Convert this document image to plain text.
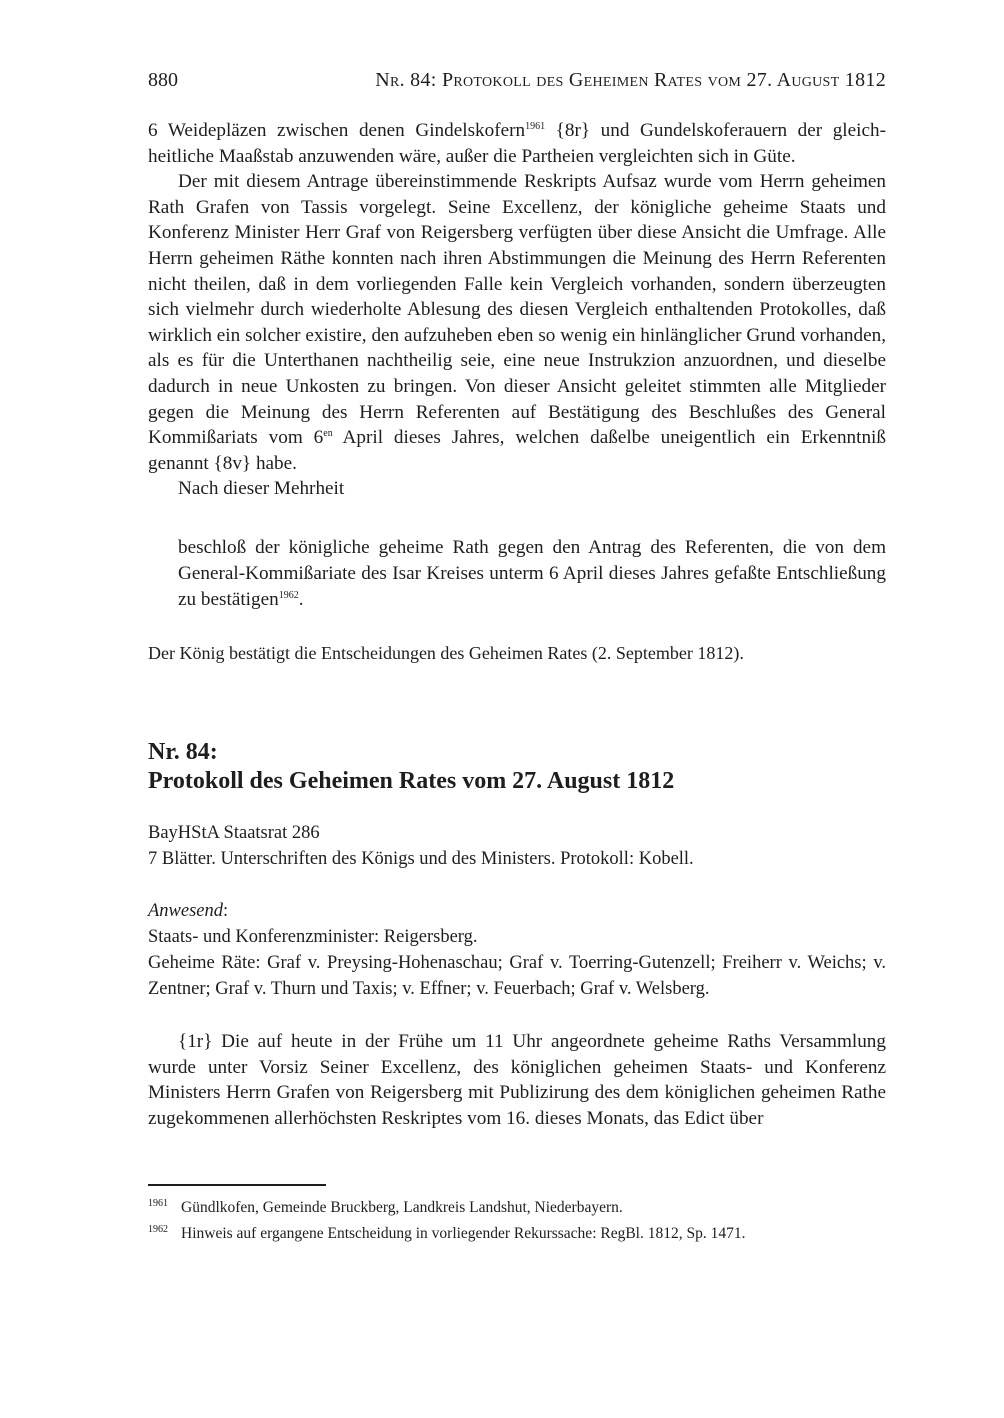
880	Nr. 84: Protokoll des Geheimen Rates vom 27. August 1812

6 Weidepläzen zwischen denen Gindelskofern$^{1961}$ {8r} und Gundelskoferauern der gleichheitliche Maaßstab anzuwenden wäre, außer die Partheien vergleichten sich in Güte.

Der mit diesem Antrage übereinstimmende Reskripts Aufsaz wurde vom Herrn geheimen Rath Grafen von Tassis vorgelegt. Seine Excellenz, der königliche geheime Staats und Konferenz Minister Herr Graf von Reigersberg verfügten über diese Ansicht die Umfrage. Alle Herrn geheimen Räthe konnten nach ihren Abstimmungen die Meinung des Herrn Referenten nicht theilen, daß in dem vorliegenden Falle kein Vergleich vorhanden, sondern überzeugten sich vielmehr durch wiederholte Ablesung des diesen Vergleich enthaltenden Protokolles, daß wirklich ein solcher existire, den aufzuheben eben so wenig ein hinlänglicher Grund vorhanden, als es für die Unterthanen nachtheilig seie, eine neue Instrukzion anzuordnen, und dieselbe dadurch in neue Unkosten zu bringen. Von dieser Ansicht geleitet stimmten alle Mitglieder gegen die Meinung des Herrn Referenten auf Bestätigung des Beschlußes des General Kommißariats vom 6$^{en}$ April dieses Jahres, welchen daßelbe uneigentlich ein Erkenntniß genannt {8v} habe.

Nach dieser Mehrheit

beschloß der königliche geheime Rath gegen den Antrag des Referenten, die von dem General-Kommißariate des Isar Kreises unterm 6 April dieses Jahres gefaßte Entschließung zu bestätigen$^{1962}$.

Der König bestätigt die Entscheidungen des Geheimen Rates (2. September 1812).
Nr. 84:
Protokoll des Geheimen Rates vom 27. August 1812
BayHStA Staatsrat 286
7 Blätter. Unterschriften des Königs und des Ministers. Protokoll: Kobell.

Anwesend:

Staats- und Konferenzminister: Reigersberg.

Geheime Räte: Graf v. Preysing-Hohenaschau; Graf v. Toerring-Gutenzell; Freiherr v. Weichs; v. Zentner; Graf v. Thurn und Taxis; v. Effner; v. Feuerbach; Graf v. Welsberg.

{1r} Die auf heute in der Frühe um 11 Uhr angeordnete geheime Raths Versammlung wurde unter Vorsiz Seiner Excellenz, des königlichen geheimen Staats- und Konferenz Ministers Herrn Grafen von Reigersberg mit Publizirung des dem königlichen geheimen Rathe zugekommenen allerhöchsten Reskriptes vom 16. dieses Monats, das Edict über

1961 Gündlkofen, Gemeinde Bruckberg, Landkreis Landshut, Niederbayern.
1962 Hinweis auf ergangene Entscheidung in vorliegender Rekurssache: RegBl. 1812, Sp. 1471.
